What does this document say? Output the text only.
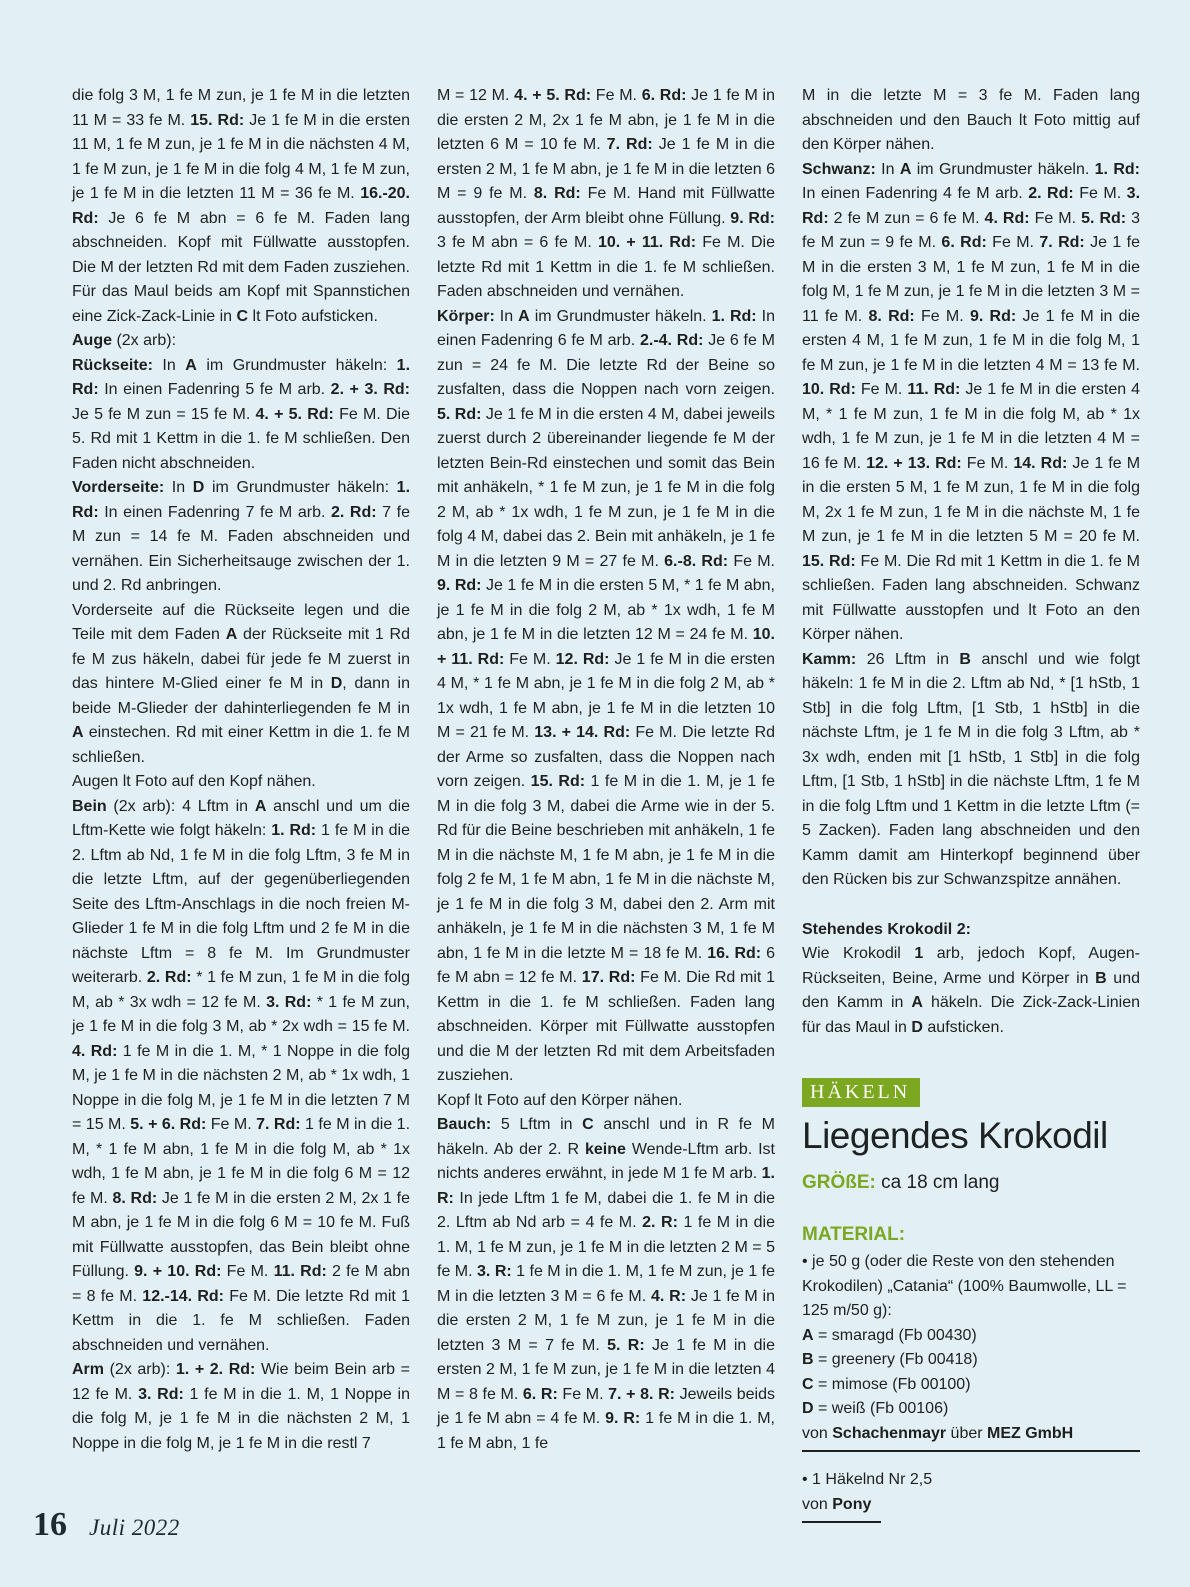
die folg 3 M, 1 fe M zun, je 1 fe M in die letzten 11 M = 33 fe M. 15. Rd: Je 1 fe M in die ersten 11 M, 1 fe M zun, je 1 fe M in die nächsten 4 M, 1 fe M zun, je 1 fe M in die folg 4 M, 1 fe M zun, je 1 fe M in die letzten 11 M = 36 fe M. 16.-20. Rd: Je 6 fe M abn = 6 fe M. Faden lang abschneiden. Kopf mit Füllwatte ausstopfen. Die M der letzten Rd mit dem Faden zusziehen. Für das Maul beids am Kopf mit Spannstichen eine Zick-Zack-Linie in C lt Foto aufsticken.
Auge (2x arb):
Rückseite: In A im Grundmuster häkeln: 1. Rd: In einen Fadenring 5 fe M arb. 2. + 3. Rd: Je 5 fe M zun = 15 fe M. 4. + 5. Rd: Fe M. Die 5. Rd mit 1 Kettm in die 1. fe M schließen. Den Faden nicht abschneiden.
Vorderseite: In D im Grundmuster häkeln: 1. Rd: In einen Fadenring 7 fe M arb. 2. Rd: 7 fe M zun = 14 fe M. Faden abschneiden und vernähen. Ein Sicherheitsauge zwischen der 1. und 2. Rd anbringen.
Vorderseite auf die Rückseite legen und die Teile mit dem Faden A der Rückseite mit 1 Rd fe M zus häkeln, dabei für jede fe M zuerst in das hintere M-Glied einer fe M in D, dann in beide M-Glieder der dahinterliegenden fe M in A einstechen. Rd mit einer Kettm in die 1. fe M schließen.
Augen lt Foto auf den Kopf nähen.
Bein (2x arb): 4 Lftm in A anschl und um die Lftm-Kette wie folgt häkeln: 1. Rd: 1 fe M in die 2. Lftm ab Nd, 1 fe M in die folg Lftm, 3 fe M in die letzte Lftm, auf der gegenüberliegenden Seite des Lftm-Anschlags in die noch freien M-Glieder 1 fe M in die folg Lftm und 2 fe M in die nächste Lftm = 8 fe M. Im Grundmuster weiterarb. 2. Rd: * 1 fe M zun, 1 fe M in die folg M, ab * 3x wdh = 12 fe M. 3. Rd: * 1 fe M zun, je 1 fe M in die folg 3 M, ab * 2x wdh = 15 fe M. 4. Rd: 1 fe M in die 1. M, * 1 Noppe in die folg M, je 1 fe M in die nächsten 2 M, ab * 1x wdh, 1 Noppe in die folg M, je 1 fe M in die letzten 7 M = 15 M. 5. + 6. Rd: Fe M. 7. Rd: 1 fe M in die 1. M, * 1 fe M abn, 1 fe M in die folg M, ab * 1x wdh, 1 fe M abn, je 1 fe M in die folg 6 M = 12 fe M. 8. Rd: Je 1 fe M in die ersten 2 M, 2x 1 fe M abn, je 1 fe M in die folg 6 M = 10 fe M. Fuß mit Füllwatte ausstopfen, das Bein bleibt ohne Füllung. 9. + 10. Rd: Fe M. 11. Rd: 2 fe M abn = 8 fe M. 12.-14. Rd: Fe M. Die letzte Rd mit 1 Kettm in die 1. fe M schließen. Faden abschneiden und vernähen.
Arm (2x arb): 1. + 2. Rd: Wie beim Bein arb = 12 fe M. 3. Rd: 1 fe M in die 1. M, 1 Noppe in die folg M, je 1 fe M in die nächsten 2 M, 1 Noppe in die folg M, je 1 fe M in die restl 7
M = 12 M. 4. + 5. Rd: Fe M. 6. Rd: Je 1 fe M in die ersten 2 M, 2x 1 fe M abn, je 1 fe M in die letzten 6 M = 10 fe M. 7. Rd: Je 1 fe M in die ersten 2 M, 1 fe M abn, je 1 fe M in die letzten 6 M = 9 fe M. 8. Rd: Fe M. Hand mit Füllwatte ausstopfen, der Arm bleibt ohne Füllung. 9. Rd: 3 fe M abn = 6 fe M. 10. + 11. Rd: Fe M. Die letzte Rd mit 1 Kettm in die 1. fe M schließen. Faden abschneiden und vernähen.
Körper: In A im Grundmuster häkeln. 1. Rd: In einen Fadenring 6 fe M arb. 2.-4. Rd: Je 6 fe M zun = 24 fe M. Die letzte Rd der Beine so zusfalten, dass die Noppen nach vorn zeigen. 5. Rd: Je 1 fe M in die ersten 4 M, dabei jeweils zuerst durch 2 übereinander liegende fe M der letzten Bein-Rd einstechen und somit das Bein mit anhäkeln, * 1 fe M zun, je 1 fe M in die folg 2 M, ab * 1x wdh, 1 fe M zun, je 1 fe M in die folg 4 M, dabei das 2. Bein mit anhäkeln, je 1 fe M in die letzten 9 M = 27 fe M. 6.-8. Rd: Fe M. 9. Rd: Je 1 fe M in die ersten 5 M, * 1 fe M abn, je 1 fe M in die folg 2 M, ab * 1x wdh, 1 fe M abn, je 1 fe M in die letzten 12 M = 24 fe M. 10. + 11. Rd: Fe M. 12. Rd: Je 1 fe M in die ersten 4 M, * 1 fe M abn, je 1 fe M in die folg 2 M, ab * 1x wdh, 1 fe M abn, je 1 fe M in die letzten 10 M = 21 fe M. 13. + 14. Rd: Fe M. Die letzte Rd der Arme so zusfalten, dass die Noppen nach vorn zeigen. 15. Rd: 1 fe M in die 1. M, je 1 fe M in die folg 3 M, dabei die Arme wie in der 5. Rd für die Beine beschrieben mit anhäkeln, 1 fe M in die nächste M, 1 fe M abn, je 1 fe M in die folg 2 fe M, 1 fe M abn, 1 fe M in die nächste M, je 1 fe M in die folg 3 M, dabei den 2. Arm mit anhäkeln, je 1 fe M in die nächsten 3 M, 1 fe M abn, 1 fe M in die letzte M = 18 fe M. 16. Rd: 6 fe M abn = 12 fe M. 17. Rd: Fe M. Die Rd mit 1 Kettm in die 1. fe M schließen. Faden lang abschneiden. Körper mit Füllwatte ausstopfen und die M der letzten Rd mit dem Arbeitsfaden zusziehen.
Kopf lt Foto auf den Körper nähen.
Bauch: 5 Lftm in C anschl und in R fe M häkeln. Ab der 2. R keine Wende-Lftm arb. Ist nichts anderes erwähnt, in jede M 1 fe M arb. 1. R: In jede Lftm 1 fe M, dabei die 1. fe M in die 2. Lftm ab Nd arb = 4 fe M. 2. R: 1 fe M in die 1. M, 1 fe M zun, je 1 fe M in die letzten 2 M = 5 fe M. 3. R: 1 fe M in die 1. M, 1 fe M zun, je 1 fe M in die letzten 3 M = 6 fe M. 4. R: Je 1 fe M in die ersten 2 M, 1 fe M zun, je 1 fe M in die letzten 3 M = 7 fe M. 5. R: Je 1 fe M in die ersten 2 M, 1 fe M zun, je 1 fe M in die letzten 4 M = 8 fe M. 6. R: Fe M. 7. + 8. R: Jeweils beids je 1 fe M abn = 4 fe M. 9. R: 1 fe M in die 1. M, 1 fe M abn, 1 fe
M in die letzte M = 3 fe M. Faden lang abschneiden und den Bauch lt Foto mittig auf den Körper nähen.
Schwanz: In A im Grundmuster häkeln. 1. Rd: In einen Fadenring 4 fe M arb. 2. Rd: Fe M. 3. Rd: 2 fe M zun = 6 fe M. 4. Rd: Fe M. 5. Rd: 3 fe M zun = 9 fe M. 6. Rd: Fe M. 7. Rd: Je 1 fe M in die ersten 3 M, 1 fe M zun, 1 fe M in die folg M, 1 fe M zun, je 1 fe M in die letzten 3 M = 11 fe M. 8. Rd: Fe M. 9. Rd: Je 1 fe M in die ersten 4 M, 1 fe M zun, 1 fe M in die folg M, 1 fe M zun, je 1 fe M in die letzten 4 M = 13 fe M. 10. Rd: Fe M. 11. Rd: Je 1 fe M in die ersten 4 M, * 1 fe M zun, 1 fe M in die folg M, ab * 1x wdh, 1 fe M zun, je 1 fe M in die letzten 4 M = 16 fe M. 12. + 13. Rd: Fe M. 14. Rd: Je 1 fe M in die ersten 5 M, 1 fe M zun, 1 fe M in die folg M, 2x 1 fe M zun, 1 fe M in die nächste M, 1 fe M zun, je 1 fe M in die letzten 5 M = 20 fe M. 15. Rd: Fe M. Die Rd mit 1 Kettm in die 1. fe M schließen. Faden lang abschneiden. Schwanz mit Füllwatte ausstopfen und lt Foto an den Körper nähen.
Kamm: 26 Lftm in B anschl und wie folgt häkeln: 1 fe M in die 2. Lftm ab Nd, * [1 hStb, 1 Stb] in die folg Lftm, [1 Stb, 1 hStb] in die nächste Lftm, je 1 fe M in die folg 3 Lftm, ab * 3x wdh, enden mit [1 hStb, 1 Stb] in die folg Lftm, [1 Stb, 1 hStb] in die nächste Lftm, 1 fe M in die folg Lftm und 1 Kettm in die letzte Lftm (= 5 Zacken). Faden lang abschneiden und den Kamm damit am Hinterkopf beginnend über den Rücken bis zur Schwanzspitze annähen.
Stehendes Krokodil 2:
Wie Krokodil 1 arb, jedoch Kopf, Augen-Rückseiten, Beine, Arme und Körper in B und den Kamm in A häkeln. Die Zick-Zack-Linien für das Maul in D aufsticken.
HÄKELN
Liegendes Krokodil
GRÖßE: ca 18 cm lang
MATERIAL:
• je 50 g (oder die Reste von den stehenden Krokodilen) „Catania“ (100% Baumwolle, LL = 125 m/50 g):
A = smaragd (Fb 00430)
B = greenery (Fb 00418)
C = mimose (Fb 00100)
D = weiß (Fb 00106)
von Schachenmayr über MEZ GmbH
• 1 Häkelnd Nr 2,5
von Pony
16 Juli 2022
